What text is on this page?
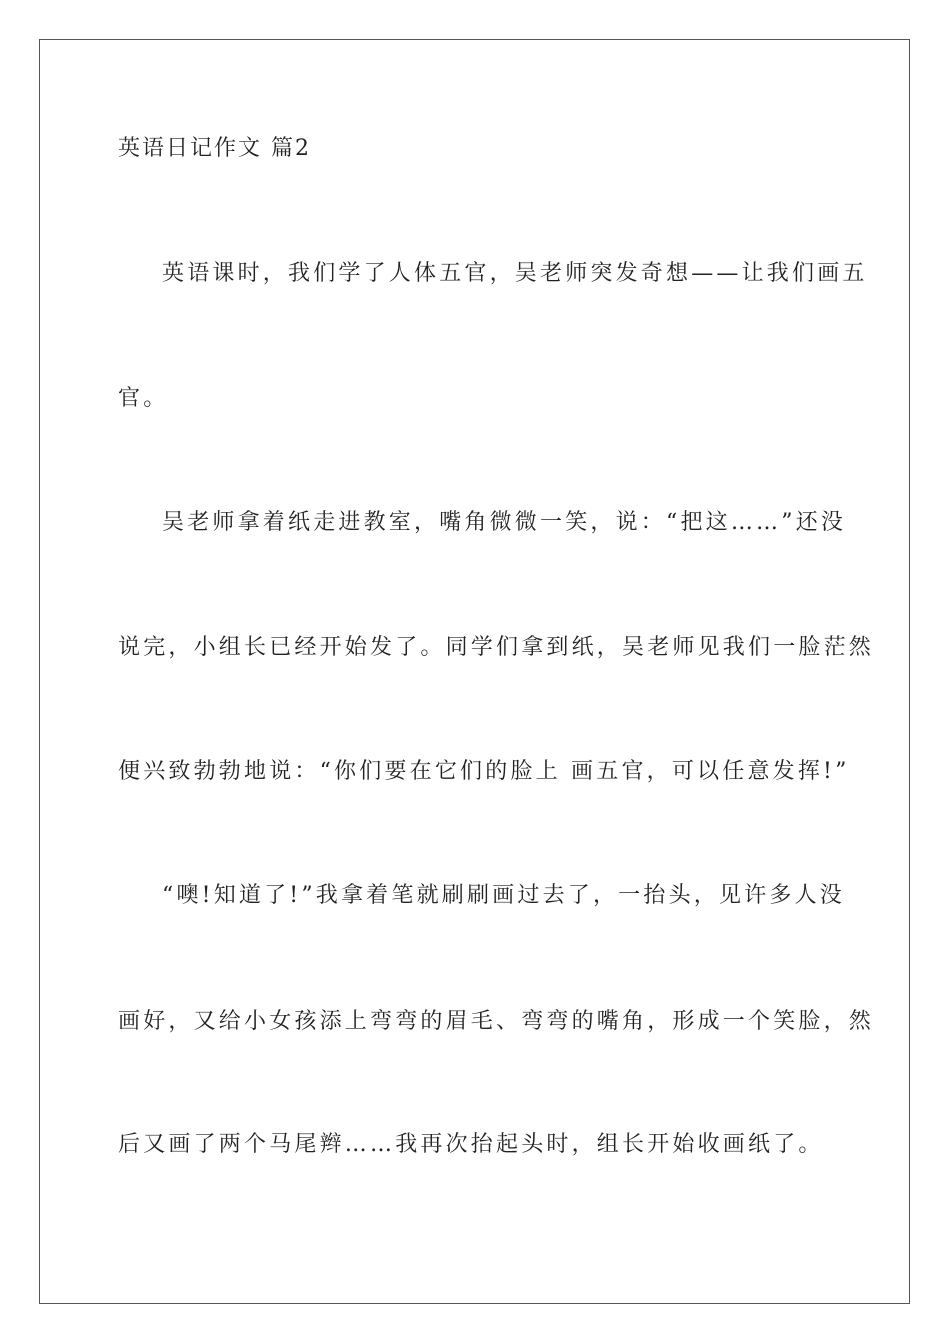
英语日记作文 篇2
英语课时，我们学了人体五官，吴老师突发奇想——让我们画五
官。
吴老师拿着纸走进教室，嘴角微微一笑，说：“把这……”还没
说完，小组长已经开始发了。同学们拿到纸，吴老师见我们一脸茫然
便兴致勃勃地说：“你们要在它们的脸上 画五官，可以任意发挥!”
“噢!知道了!”我拿着笔就刷刷画过去了，一抬头，见许多人没
画好，又给小女孩添上弯弯的眉毛、弯弯的嘴角，形成一个笑脸，然
后又画了两个马尾辫……我再次抬起头时，组长开始收画纸了。
